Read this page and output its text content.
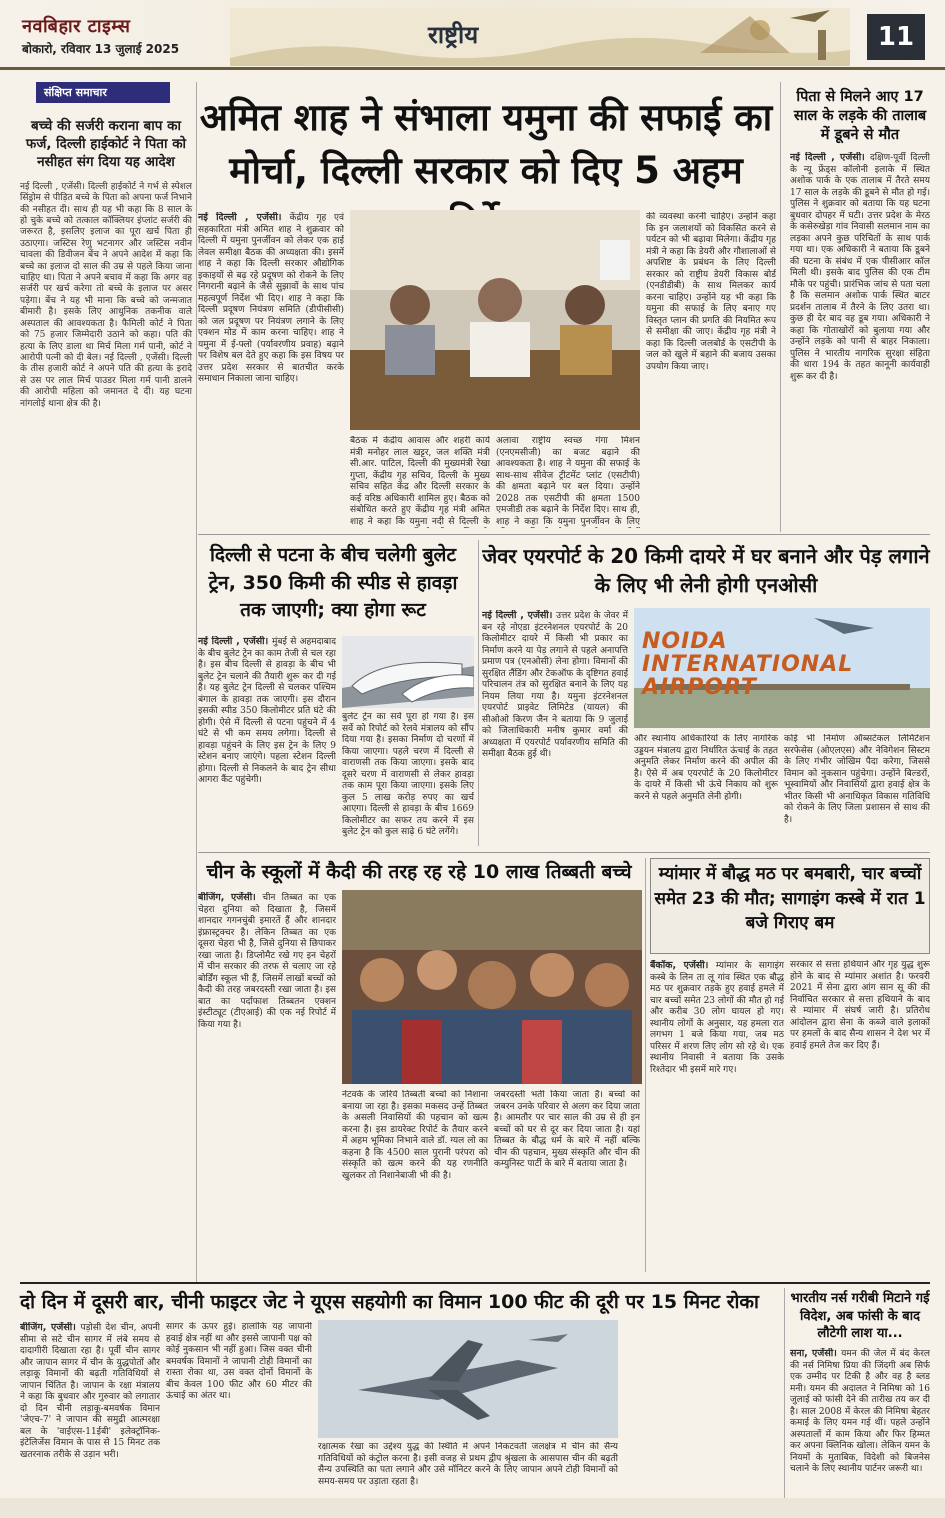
नवबिहार टाइम्स
बोकारो, रविवार 13 जुलाई 2025	राष्ट्रीय	11
संक्षिप्त समाचार
बच्चे की सर्जरी कराना बाप का फर्ज, दिल्ली हाईकोर्ट ने पिता को नसीहत संग दिया यह आदेश
नई दिल्ली , एजेंसी। दिल्ली हाईकोर्ट ने गर्भ से स्पेशल सिंड्रोम से पीड़ित बच्चे के पिता को अपना फर्ज निभाने की नसीहत दी। साथ ही यह भी कहा कि 8 साल के हो चुके बच्चे को तत्काल कॉक्लियर इंप्लांट सर्जरी की जरूरत है, इसलिए इलाज का पूरा खर्च पिता ही उठाएगा। जस्टिस रेणु भटनागर और जस्टिस नवीन चावला की डिवीजन बेंच ने अपने आदेश में कहा कि बच्चे का इलाज दो साल की उम्र से पहले किया जाना चाहिए था। पिता ने अपने बचाव में कहा कि अगर वह सर्जरी पर खर्च करेगा तो बच्चे के इलाज पर असर पड़ेगा। बेंच ने यह भी माना कि बच्चे को जन्मजात बीमारी है। इसके लिए आधुनिक तकनीक वाले अस्पताल की आवश्यकता है। फैमिली कोर्ट ने पिता को 75 हजार जिम्मेदारी उठाने को कहा। पति की हत्या के लिए डाला था मिर्च मिला गर्म पानी, कोर्ट ने आरोपी पत्नी को दी बेल। नई दिल्ली , एजेंसी। दिल्ली के तीस हजारी कोर्ट ने अपने पति की हत्या के इरादे से उस पर लाल मिर्च पाउडर मिला गर्म पानी डालने की आरोपी महिला को जमानत दे दी। यह घटना नांगलोई थाना क्षेत्र की है।
अमित शाह ने संभाला यमुना की सफाई का मोर्चा, दिल्ली सरकार को दिए 5 अहम
पिता से मिलने आए 17 साल के लड़के की तालाब में डूबने से मौत
नई दिल्ली , एजेंसी। दक्षिण-पूर्वी दिल्ली के न्यू फ्रेंड्स कॉलोनी इलाके में स्थित अशोक पार्क के एक तालाब में तैरते समय 17 साल के लड़के की डूबने से मौत हो गई। पुलिस ने शुक्रवार को बताया कि यह घटना बुधवार दोपहर में घटी। उत्तर प्रदेश के मेरठ के कसेरुखेड़ा गांव निवासी सलमान नाम का लड़का अपने कुछ परिचितों के साथ पार्क गया था। एक अधिकारी ने बताया कि डूबने की घटना के संबंध में एक पीसीआर कॉल मिली थी। इसके बाद पुलिस की एक टीम मौके पर पहुंची। प्रारंभिक जांच से पता चला है कि सलमान अशोक पार्क स्थित बाटर प्रदर्शन तालाब में तैरने के लिए उतरा था। कुछ ही देर बाद वह डूब गया। अधिकारी ने कहा कि गोताखोरों को बुलाया गया और उन्होंने लड़के को पानी से बाहर निकाला। पुलिस ने भारतीय नागरिक सुरक्षा संहिता की धारा 194 के तहत कानूनी कार्यवाही शुरू कर दी है।
नई दिल्ली , एजेंसी। केंद्रीय गृह एवं सहकारिता मंत्री अमित शाह ने शुक्रवार को दिल्ली में यमुना पुनर्जीवन को लेकर एक हाई लेवल समीक्षा बैठक की अध्यक्षता की। इसमें शाह ने कहा कि दिल्ली सरकार औद्योगिक इकाइयों से बढ़ रहे प्रदूषण को रोकने के लिए निगरानी बढ़ाने के जैसे सुझावों के साथ पांच महत्वपूर्ण निर्देश भी दिए। शाह ने कहा कि दिल्ली प्रदूषण नियंत्रण समिति (डीपीसीसी) को जल प्रदूषण पर नियंत्रण लगाने के लिए एक्शन मोड में काम करना चाहिए। शाह ने यमुना में ई-फ्लो (पर्यावरणीय प्रवाह) बढ़ाने पर विशेष बल देते हुए कहा कि इस विषय पर उत्तर प्रदेश सरकार से बातचीत करके समाधान निकाला जाना चाहिए।
बैठक में केंद्रीय आवास और शहरी कार्य मंत्री मनोहर लाल खट्टर, जल शक्ति मंत्री सी.आर. पाटिल, दिल्ली की मुख्यमंत्री रेखा गुप्ता, केंद्रीय गृह सचिव, दिल्ली के मुख्य सचिव सहित केंद्र और दिल्ली सरकार के कई वरिष्ठ अधिकारी शामिल हुए। बैठक को संबोधित करते हुए केंद्रीय गृह मंत्री अमित शाह ने कहा कि यमुना नदी से दिल्ली के
अलावा राष्ट्रीय स्वच्छ गंगा मिशन (एनएमसीजी) का बजट बढ़ाने की आवश्यकता है। शाह ने यमुना की सफाई के साथ-साथ सीवेज ट्रीटमेंट प्लांट (एसटीपी) की क्षमता बढ़ाने पर बल दिया। उन्होंने 2028 तक एसटीपी की क्षमता 1500 एमजीडी तक बढ़ाने के निर्देश दिए। साथ ही, शाह ने कहा कि यमुना पुनर्जीवन के लिए
की व्यवस्था करनी चाहिए। उन्होंने कहा कि इन जलाशयों को विकसित करने से पर्यटन को भी बढ़ावा मिलेगा। केंद्रीय गृह मंत्री ने कहा कि डेयरी और गौशालाओं से अपशिष्ट के प्रबंधन के लिए दिल्ली सरकार को राष्ट्रीय डेयरी विकास बोर्ड (एनडीडीबी) के साथ मिलकर कार्य करना चाहिए। उन्होंने यह भी कहा कि यमुना की सफाई के लिए बनाए गए विस्तृत प्लान की प्रगति की नियमित रूप से समीक्षा की जाए। केंद्रीय गृह मंत्री ने कहा कि दिल्ली जलबोर्ड के एसटीपी के जल को खुले में बहाने की बजाय उसका उपयोग किया जाए।
दिल्ली से पटना के बीच चलेगी बुलेट ट्रेन, 350 किमी की स्पीड से हावड़ा तक जाएगी; क्या होगा रूट
नई दिल्ली , एजेंसी। मुंबई से अहमदाबाद के बीच बुलेट ट्रेन का काम तेजी से चल रहा है। इस बीच दिल्ली से हावड़ा के बीच भी बुलेट ट्रेन चलाने की तैयारी शुरू कर दी गई है। यह बुलेट ट्रेन दिल्ली से चलकर पश्चिम बंगाल के हावड़ा तक जाएगी। इस दौरान इसकी स्पीड 350 किलोमीटर प्रति घंटे की होगी। ऐसे में दिल्ली से पटना पहुंचने में 4 घंटे से भी कम समय लगेगा। दिल्ली से हावड़ा पहुंचने के लिए इस ट्रेन के लिए 9 स्टेशन बनाए जाएंगे। पहला स्टेशन दिल्ली होगा। दिल्ली से निकलने के बाद ट्रेन सीधा आगरा कैंट पहुंचेगी।
बुलेट ट्रेन का सर्वे पूरा हो गया है। इस सर्वे को रिपोर्ट को रेलवे मंत्रालय को सौंप दिया गया है। इसका निर्माण दो चरणों में किया जाएगा। पहले चरण में दिल्ली से वाराणसी तक किया जाएगा। इसके बाद दूसरे चरण में वाराणसी से लेकर हावड़ा तक काम पूरा किया जाएगा। इसके लिए कुल 5 लाख करोड़ रुपए का खर्च आएगा। दिल्ली से हावड़ा के बीच 1669 किलोमीटर का सफर तय करने में इस बुलेट ट्रेन को कुल साढ़े 6 घंटे लगेंगे।
जेवर एयरपोर्ट के 20 किमी दायरे में घर बनाने और पेड़ लगाने के लिए भी लेनी होगी एनओसी
नई दिल्ली , एजेंसी। उत्तर प्रदेश के जेवर में बन रहे नोएडा इंटरनेशनल एयरपोर्ट के 20 किलोमीटर दायरे में किसी भी प्रकार का निर्माण करने या पेड़ लगाने से पहले अनापत्ति प्रमाण पत्र (एनओसी) लेना होगा। विमानों की सुरक्षित लैंडिंग और टेकऑफ के दृष्टिगत हवाई परिचालन तंत्र को सुरक्षित बनाने के लिए यह नियम लिया गया है। यमुना इंटरनेशनल एयरपोर्ट प्राइवेट लिमिटेड (यायल) की सीओओ किरण जैन ने बताया कि 9 जुलाई को जिलाधिकारी मनीष कुमार वर्मा की अध्यक्षता में एयरपोर्ट पर्यावरणीय समिति की समीक्षा बैठक हुई थी।
NOIDA INTERNATIONAL AIRPORT
और स्थानीय अधिकारियों के लिए नागरिक उड्डयन मंत्रालय द्वारा निर्धारित ऊंचाई के तहत अनुमति लेकर निर्माण करने की अपील की है। ऐसे में अब एयरपोर्ट के 20 किलोमीटर के दायरे में किसी भी ऊंचे निकाय को शुरू करने से पहले अनुमति लेनी होगी।
कोई भी निर्माण ऑब्सटेकल लिमिटेशन सरफेसेस (ओएलएस) और नेविगेशन सिस्टम के लिए गंभीर जोखिम पैदा करेगा, जिससे विमान को नुकसान पहुंचेगा। उन्होंने बिल्डरों, भूस्वामियों और निवासियों द्वारा हवाई क्षेत्र के भीतर किसी भी अनाधिकृत विकास गतिविधि को रोकने के लिए जिला प्रशासन से साथ की है।
चीन के स्कूलों में कैदी की तरह रह रहे 10 लाख तिब्बती बच्चे
बीजिंग, एजेंसी। चीन तिब्बत का एक चेहरा दुनिया को दिखाता है, जिसमें शानदार गगनचुंबी इमारतें हैं और शानदार इंफ्रास्ट्रक्चर है। लेकिन तिब्बत का एक दूसरा चेहरा भी है, जिसे दुनिया से छिपाकर रखा जाता है। डिप्लोमैट रखे गए इन चेहरों में चीन सरकार की तरफ से चलाए जा रहे बोर्डिंग स्कूल भी हैं, जिसमें लाखों बच्चों को कैदी की तरह जबरदस्ती रखा जाता है। इस बात का पर्दाफाश तिब्बतन एक्शन इंस्टीट्यूट (टीएआई) की एक नई रिपोर्ट में किया गया है।
नेटवर्क के जरिये तिब्बती बच्चों को निशाना बनाया जा रहा है। इसका मकसद उन्हें तिब्बत के असली निवासियों की पहचान को खत्म करना है। इस डायरेक्ट रिपोर्ट के तैयार करने में अहम भूमिका निभाने वाले डॉ. ग्यल लो का कहना है कि 4500 साल पुरानी परंपरा को संस्कृति को खत्म करने की यह रणनीति खुलकर तो निशानेबाजी भी की है।
जबरदस्ती भर्ती किया जाता है। बच्चों को जबरन उनके परिवार से अलग कर दिया जाता है। आमतौर पर चार साल की उम्र से ही इन बच्चों को घर से दूर कर दिया जाता है। यहां तिब्बत के बौद्ध धर्म के बारे में नहीं बल्कि चीन की पहचान, मुख्य संस्कृति और चीन की कम्युनिस्ट पार्टी के बारे में बताया जाता है।
म्यांमार में बौद्ध मठ पर बमबारी, चार बच्चों समेत 23 की मौत; सागाइंग कस्बे में रात 1 बजे गिराए बम
बैंकॉक, एजेंसी। म्यांमार के सागाइंग कस्बे के लिन ता लू गांव स्थित एक बौद्ध मठ पर शुक्रवार तड़के हुए हवाई हमले में चार बच्चों समेत 23 लोगों की मौत हो गई और करीब 30 लोग घायल हो गए। स्थानीय लोगों के अनुसार, यह हमला रात लगभग 1 बजे किया गया, जब मठ परिसर में शरण लिए लोग सो रहे थे। एक स्थानीय निवासी ने बताया कि उसके रिश्तेदार भी इसमें मारे गए।
सरकार से सत्ता हथियाने और गृह युद्ध शुरू होने के बाद से म्यांमार अशांत है। फरवरी 2021 में सेना द्वारा आंग सान सू की की निर्वाचित सरकार से सत्ता हथियाने के बाद से म्यांमार में संघर्ष जारी है। प्रतिरोध आंदोलन द्वारा सेना के कब्जे वाले इलाकों पर हमलों के बाद सैन्य शासन ने देश भर में हवाई हमले तेज कर दिए हैं।
दो दिन में दूसरी बार, चीनी फाइटर जेट ने यूएस सहयोगी का विमान 100 फीट की दूरी पर 15 मिनट रोका
बीजिंग, एजेंसी। पड़ोसी देश चीन, अपनी सीमा से सटे चीन सागर में लंबे समय से दादागीरी दिखाता रहा है। पूर्वी चीन सागर और जापान सागर में चीन के युद्धपोतों और लड़ाकू विमानों की बढ़ती गतिविधियों से जापान चिंतित है। जापान के रक्षा मंत्रालय ने कहा कि बुधवार और गुरुवार को लगातार दो दिन चीनी लड़ाकू-बमवर्षक विमान 'जेएच-7' ने जापान की समुद्री आत्मरक्षा बल के 'वाईएस-11ईबी' इलेक्ट्रॉनिक-इंटेलिजेंस विमान के पास से 15 मिनट तक खतरनाक तरीके से उड़ान भरी।
सागर के ऊपर हुई। हालांकि यह जापानी हवाई क्षेत्र नहीं था और इससे जापानी पक्ष को कोई नुकसान भी नहीं हुआ। जिस वक्त चीनी बमवर्षक विमानों ने जापानी टोही विमानों का रास्ता रोका था, उस वक्त दोनों विमानों के बीच केवल 100 फीट और 60 मीटर की ऊंचाई का अंतर था।
रक्षात्मक रेखा का उद्देश्य युद्ध की स्थिति में अपने निकटवर्ती जलक्षेत्र में चीन की सैन्य गतिविधियों को कंट्रोल करना है। इसी वजह से प्रथम द्वीप श्रृंखला के आसपास चीन की बढ़ती सैन्य उपस्थिति का पता लगाने और उसे मॉनिटर करने के लिए जापान अपने टोही विमानों को समय-समय पर उड़ाता रहता है।
भारतीय नर्स गरीबी मिटाने गई विदेश, अब फांसी के बाद लौटेगी लाश या...
सना, एजेंसी। यमन की जेल में बंद केरल की नर्स निमिषा प्रिया की जिंदगी अब सिर्फ एक उम्मीद पर टिकी है और वह है ब्लड मनी। यमन की अदालत ने निमिषा को 16 जुलाई को फांसी देने की तारीख तय कर दी है। साल 2008 में केरल की निमिषा बेहतर कमाई के लिए यमन गई थीं। पहले उन्होंने अस्पतालों में काम किया और फिर हिम्मत कर अपना क्लिनिक खोला। लेकिन यमन के नियमों के मुताबिक, विदेशी को बिजनेस चलाने के लिए स्थानीय पार्टनर जरूरी था।
